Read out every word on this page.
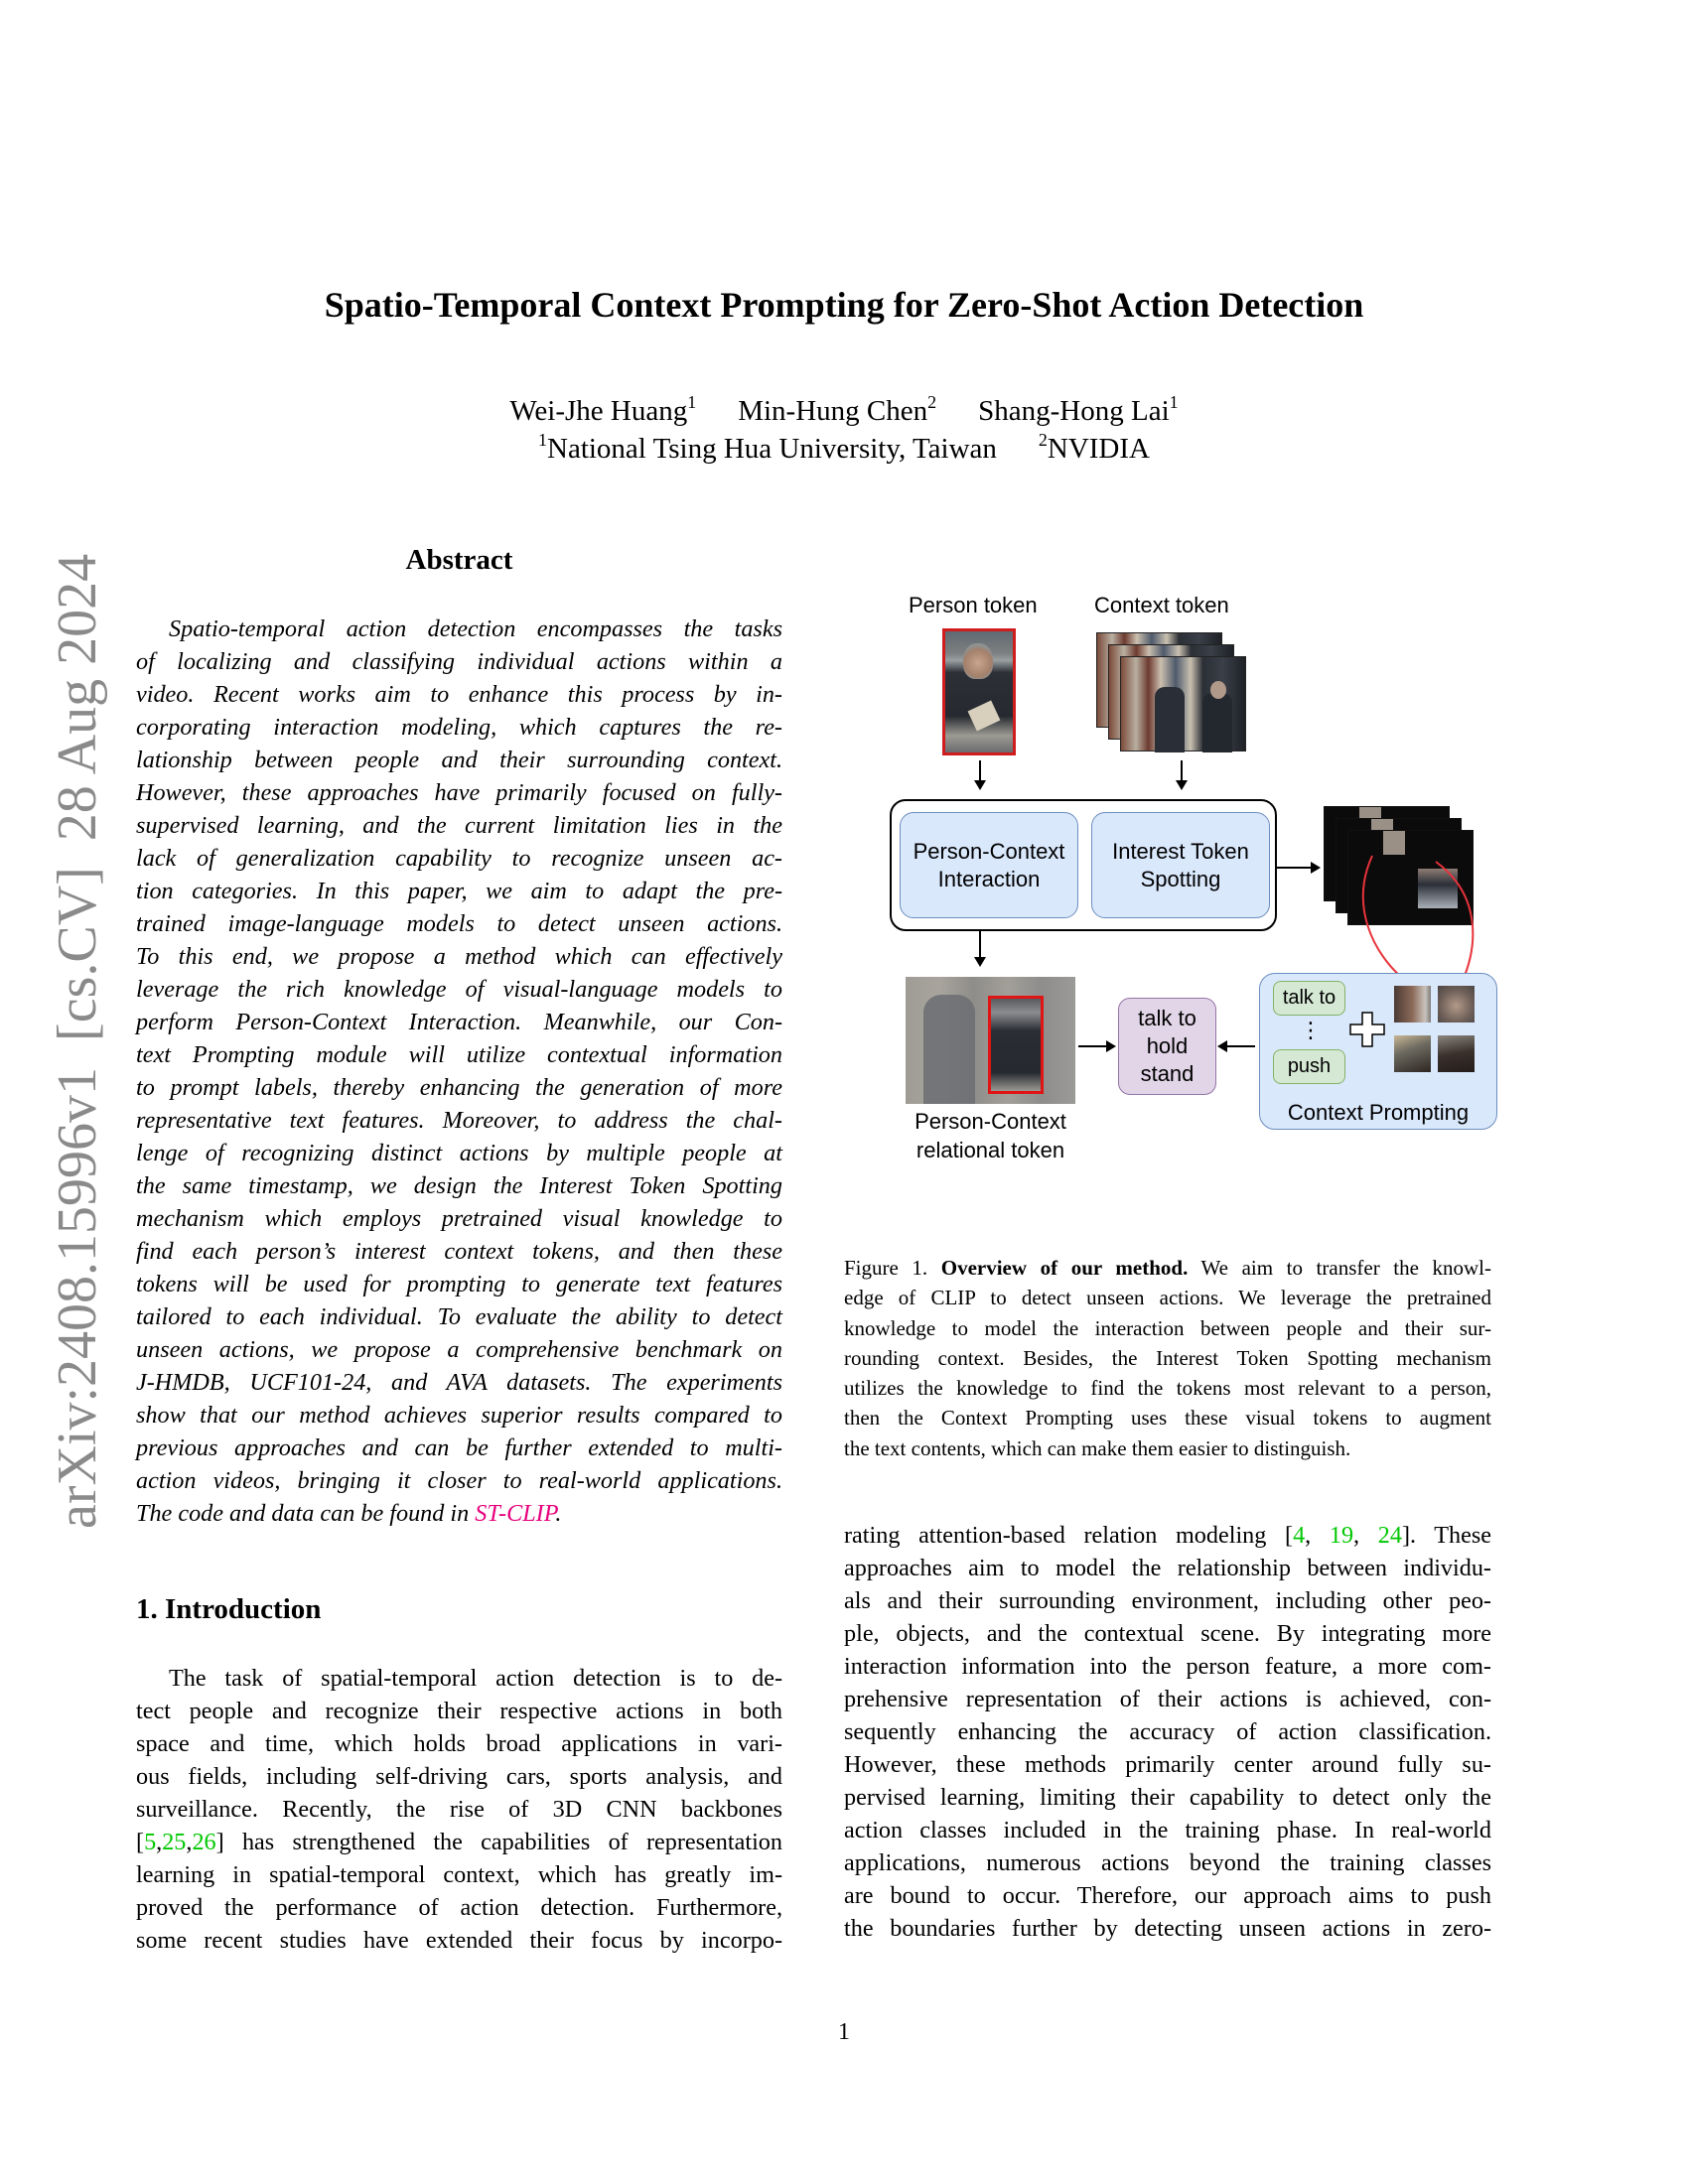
arXiv:2408.15996v1[cs.CV]28 Aug 2024
Spatio-Temporal Context Prompting for Zero-Shot Action Detection
Wei-Jhe Huang$^1$ Min-Hung Chen$^2$ Shang-Hong Lai$^1$
$^1$National Tsing Hua University, Taiwan $^2$NVIDIA
Abstract
Spatio-temporal action detection encompasses the tasks
of localizing and classifying individual actions within a
video. Recent works aim to enhance this process by in-
corporating interaction modeling, which captures the re-
lationship between people and their surrounding context.
However, these approaches have primarily focused on fully-
supervised learning, and the current limitation lies in the
lack of generalization capability to recognize unseen ac-
tion categories. In this paper, we aim to adapt the pre-
trained image-language models to detect unseen actions.
To this end, we propose a method which can effectively
leverage the rich knowledge of visual-language models to
perform Person-Context Interaction. Meanwhile, our Con-
text Prompting module will utilize contextual information
to prompt labels, thereby enhancing the generation of more
representative text features. Moreover, to address the chal-
lenge of recognizing distinct actions by multiple people at
the same timestamp, we design the Interest Token Spotting
mechanism which employs pretrained visual knowledge to
find each person’s interest context tokens, and then these
tokens will be used for prompting to generate text features
tailored to each individual. To evaluate the ability to detect
unseen actions, we propose a comprehensive benchmark on
J-HMDB, UCF101-24, and AVA datasets. The experiments
show that our method achieves superior results compared to
previous approaches and can be further extended to multi-
action videos, bringing it closer to real-world applications.
The code and data can be found in ST-CLIP.
1. Introduction
The task of spatial-temporal action detection is to de-
tect people and recognize their respective actions in both
space and time, which holds broad applications in vari-
ous fields, including self-driving cars, sports analysis, and
surveillance. Recently, the rise of 3D CNN backbones
[5,25,26] has strengthened the capabilities of representation
learning in spatial-temporal context, which has greatly im-
proved the performance of action detection. Furthermore,
some recent studies have extended their focus by incorpo-
rating attention-based relation modeling [4, 19, 24]. These
approaches aim to model the relationship between individu-
als and their surrounding environment, including other peo-
ple, objects, and the contextual scene. By integrating more
interaction information into the person feature, a more com-
prehensive representation of their actions is achieved, con-
sequently enhancing the accuracy of action classification.
However, these methods primarily center around fully su-
pervised learning, limiting their capability to detect only the
action classes included in the training phase. In real-world
applications, numerous actions beyond the training classes
are bound to occur. Therefore, our approach aims to push
the boundaries further by detecting unseen actions in zero-
Person token	Context token
Person-Context
Interaction
Interest Token
Spotting
Person-Context
relational token
talk to
hold
stand
talk to
⋮
push
Context Prompting
Figure 1. Overview of our method. We aim to transfer the knowl-
edge of CLIP to detect unseen actions. We leverage the pretrained
knowledge to model the interaction between people and their sur-
rounding context. Besides, the Interest Token Spotting mechanism
utilizes the knowledge to find the tokens most relevant to a person,
then the Context Prompting uses these visual tokens to augment
the text contents, which can make them easier to distinguish.
1
